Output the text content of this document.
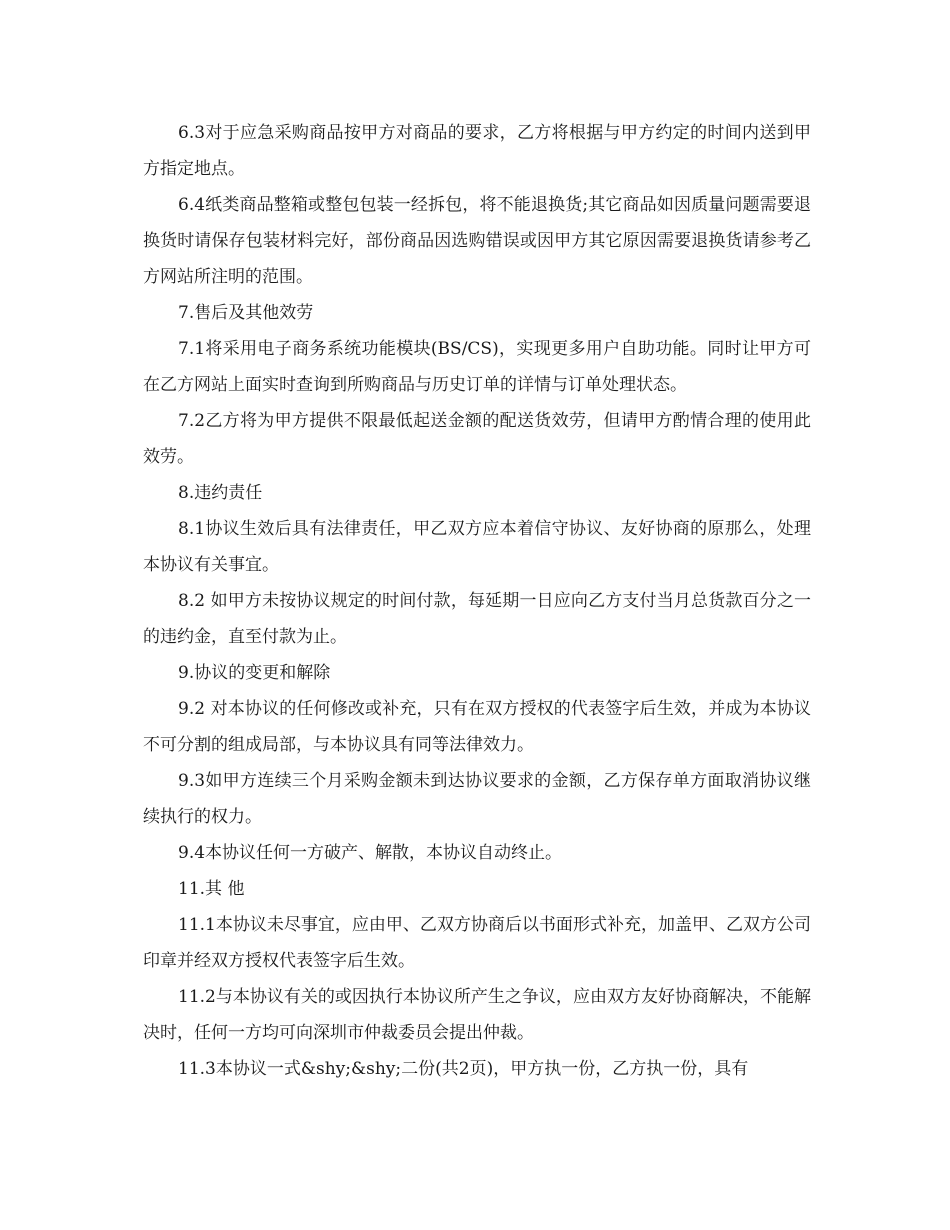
6.3对于应急采购商品按甲方对商品的要求，乙方将根据与甲方约定的时间内送到甲方指定地点。

6.4纸类商品整箱或整包包装一经拆包，将不能退换货;其它商品如因质量问题需要退换货时请保存包装材料完好，部份商品因选购错误或因甲方其它原因需要退换货请参考乙方网站所注明的范围。

7.售后及其他效劳

7.1将采用电子商务系统功能模块(BS/CS)，实现更多用户自助功能。同时让甲方可在乙方网站上面实时查询到所购商品与历史订单的详情与订单处理状态。

7.2乙方将为甲方提供不限最低起送金额的配送货效劳，但请甲方酌情合理的使用此效劳。

8.违约责任

8.1协议生效后具有法律责任，甲乙双方应本着信守协议、友好协商的原那么，处理本协议有关事宜。

8.2 如甲方未按协议规定的时间付款，每延期一日应向乙方支付当月总货款百分之一的违约金，直至付款为止。

9.协议的变更和解除

9.2 对本协议的任何修改或补充，只有在双方授权的代表签字后生效，并成为本协议不可分割的组成局部，与本协议具有同等法律效力。

9.3如甲方连续三个月采购金额未到达协议要求的金额，乙方保存单方面取消协议继续执行的权力。

9.4本协议任何一方破产、解散，本协议自动终止。

11.其 他

11.1本协议未尽事宜，应由甲、乙双方协商后以书面形式补充，加盖甲、乙双方公司印章并经双方授权代表签字后生效。

11.2与本协议有关的或因执行本协议所产生之争议，应由双方友好协商解决，不能解决时，任何一方均可向深圳市仲裁委员会提出仲裁。

11.3本协议一式&shy;&shy;二份(共2页)，甲方执一份，乙方执一份，具有
